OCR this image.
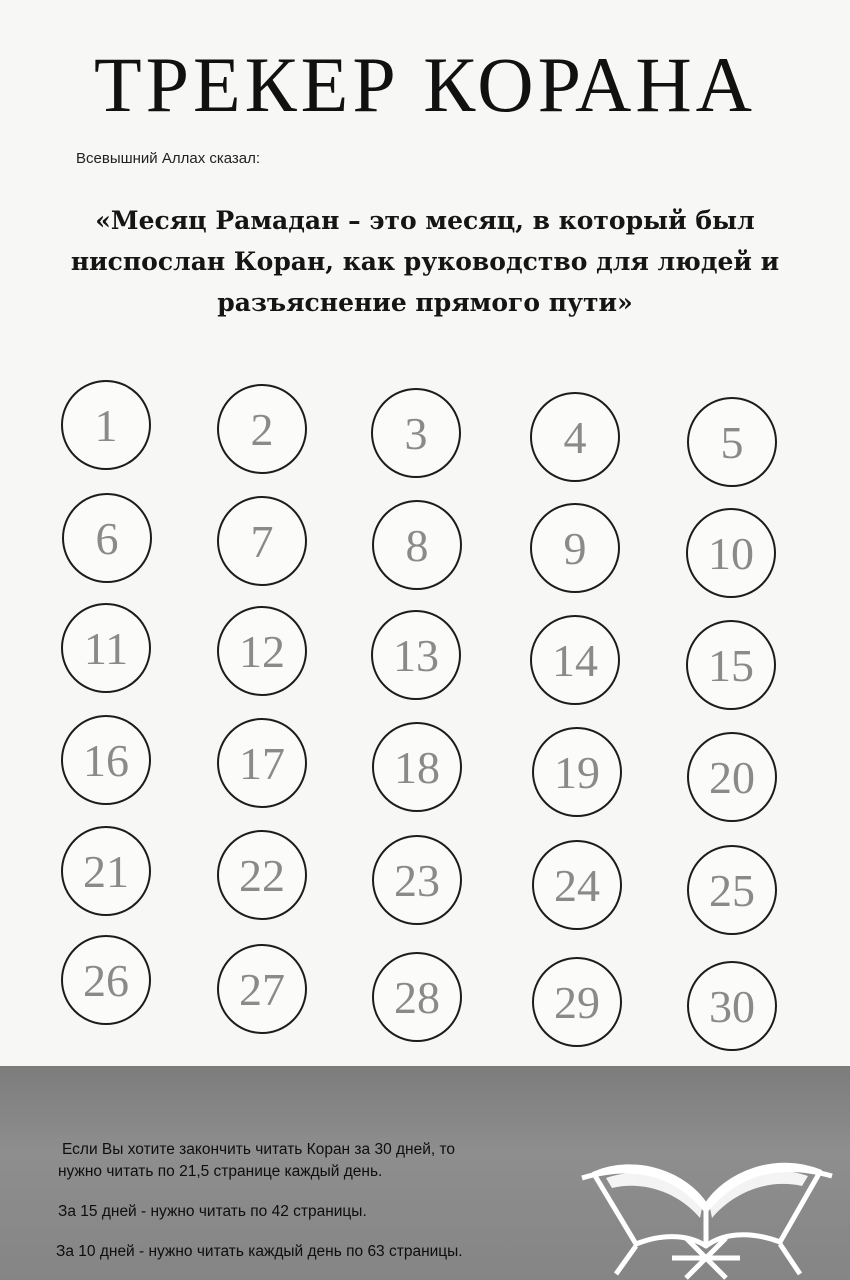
ТРЕКЕР КОРАНА
Всевышний Аллах сказал:
«Месяц Рамадан – это месяц, в который был
ниспослан Коран, как руководство для людей и
разъяснение прямого пути»
1	2	3	4	5
6	7	8	9	10
11	12	13	14	15
16	17	18	19	20
21	22	23	24	25
26	27	28	29	30
Если Вы хотите закончить читать Коран за 30 дней, то
нужно читать по 21,5 странице каждый день.
За 15 дней - нужно читать по 42 страницы.
За 10 дней - нужно читать каждый день по 63 страницы.
